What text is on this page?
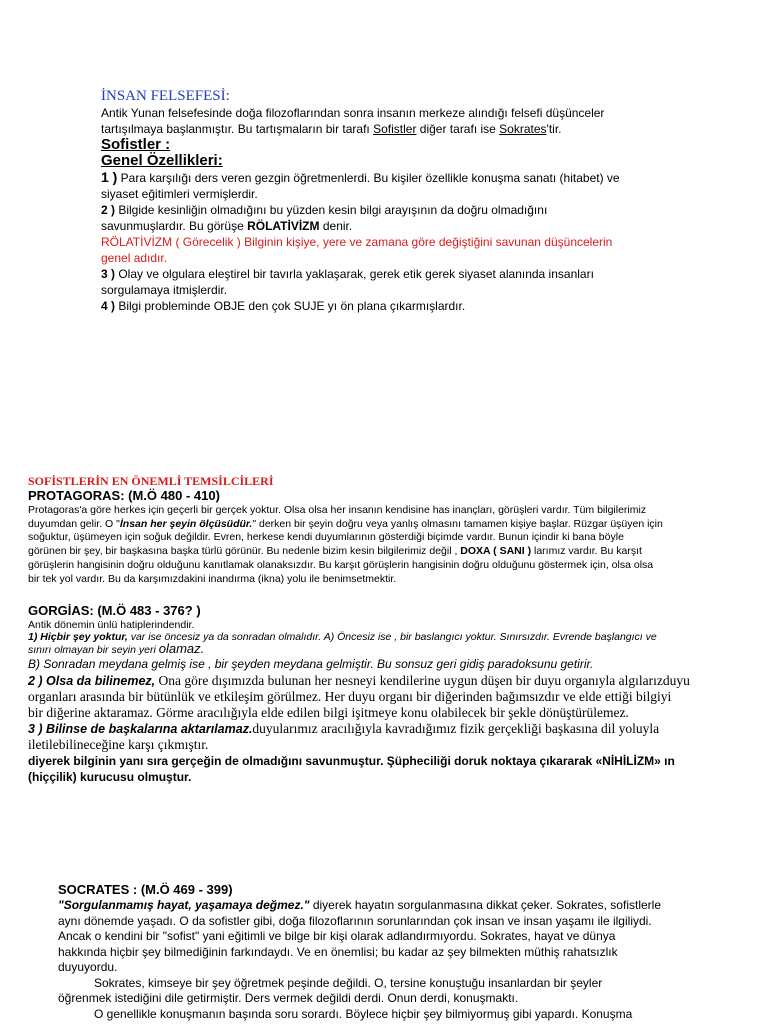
İNSAN FELSEFESİ:
Antik Yunan felsefesinde doğa filozoflarından sonra insanın merkeze alındığı felsefi düşünceler
tartışılmaya başlanmıştır. Bu tartışmaların bir tarafı Sofistler diğer tarafı ise Sokrates'tir.
Sofistler :
Genel Özellikleri:
1 ) Para karşılığı ders veren gezgin öğretmenlerdi. Bu kişiler özellikle konuşma sanatı (hitabet) ve
siyaset eğitimleri vermişlerdir.
2 ) Bilgide kesinliğin olmadığını bu yüzden kesin bilgi arayışının da doğru olmadığını
savunmuşlardır. Bu görüşe RÖLATİVİZM denir.
RÖLATİVİZM ( Görecelik ) Bilginin kişiye, yere ve zamana göre değiştiğini savunan düşüncelerin
genel adıdır.
3 ) Olay ve olgulara eleştirel bir tavırla yaklaşarak, gerek etik gerek siyaset alanında insanları
sorgulamaya itmişlerdir.
4 ) Bilgi probleminde OBJE den çok SUJE yı ön plana çıkarmışlardır.
SOFİSTLERİN EN ÖNEMLİ TEMSİLCİLERİ
PROTAGORAS: (M.Ö 480 - 410)
Protagoras'a göre herkes için geçerli bir gerçek yoktur. Olsa olsa her insanın kendisine has inançları, görüşleri vardır. Tüm bilgilerimiz
duyumdan gelir. O "İnsan her şeyin ölçüsüdür." derken bir şeyin doğru veya yanlış olmasını tamamen kişiye başlar. Rüzgar üşüyen için
soğuktur, üşümeyen için soğuk değildir. Evren, herkese kendi duyumlarının gösterdiği biçimde vardır. Bunun içindir ki bana böyle
görünen bir şey, bir başkasına başka türlü görünür. Bu nedenle bizim kesin bilgilerimiz değil , DOXA ( SANI ) larımız vardır. Bu karşıt
görüşlerin hangisinin doğru olduğunu kanıtlamak olanaksızdır. Bu karşıt görüşlerin hangisinin doğru olduğunu göstermek için, olsa olsa
bir tek yol vardır. Bu da karşımızdakini inandırma (ikna) yolu ile benimsetmektir.
GORGİAS: (M.Ö 483 - 376? )
Antik dönemin ünlü hatiplerindendir.
1) Hiçbir şey yoktur, var ise öncesiz ya da sonradan olmalıdır. A) Öncesiz ise , bir baslangıcı yoktur. Sınırsızdır. Evrende başlangıcı ve
sınırı olmayan bir seyin yeri olamaz.
B) Sonradan meydana gelmiş ise , bir şeyden meydana gelmiştir. Bu sonsuz geri gidiş paradoksunu getirir.
2 ) Olsa da bilinemez, Ona göre dışımızda bulunan her nesneyi kendilerine uygun düşen bir duyu organıyla algılarızduyu
organları arasında bir bütünlük ve etkileşim görülmez. Her duyu organı bir diğerinden bağımsızdır ve elde ettiği bilgiyi
bir diğerine aktaramaz. Görme aracılığıyla elde edilen bilgi işitmeye konu olabilecek bir şekle dönüştürülemez.
3 ) Bilinse de başkalarına aktarılamaz.duyularımız aracılığıyla kavradığımız fizik gerçekliği başkasına dil yoluyla
iletilebilineceğine karşı çıkmıştır.
diyerek bilginin yanı sıra gerçeğin de olmadığını savunmuştur. Şüpheciliği doruk noktaya çıkararak «NİHİLİZM» ın
(hiççilik) kurucusu olmuştur.
SOCRATES : (M.Ö 469 - 399)
"Sorgulanmamış hayat, yaşamaya değmez." diyerek hayatın sorgulanmasına dikkat çeker. Sokrates, sofistlerle
aynı dönemde yaşadı. O da sofistler gibi, doğa filozoflarının sorunlarından çok insan ve insan yaşamı ile ilgiliydi.
Ancak o kendini bir "sofist" yani eğitimli ve bilge bir kişi olarak adlandırmıyordu. Sokrates, hayat ve dünya
hakkında hiçbir şey bilmediğinin farkındaydı. Ve en önemlisi; bu kadar az şey bilmekten müthiş rahatsızlık
duyuyordu.
Sokrates, kimseye bir şey öğretmek peşinde değildi. O, tersine konuştuğu insanlardan bir şeyler
öğrenmek istediğini dile getirmiştir. Ders vermek değildi derdi. Onun derdi, konuşmaktı.
O genellikle konuşmanın başında soru sorardı. Böylece hiçbir şey bilmiyormuş gibi yapardı. Konuşma
